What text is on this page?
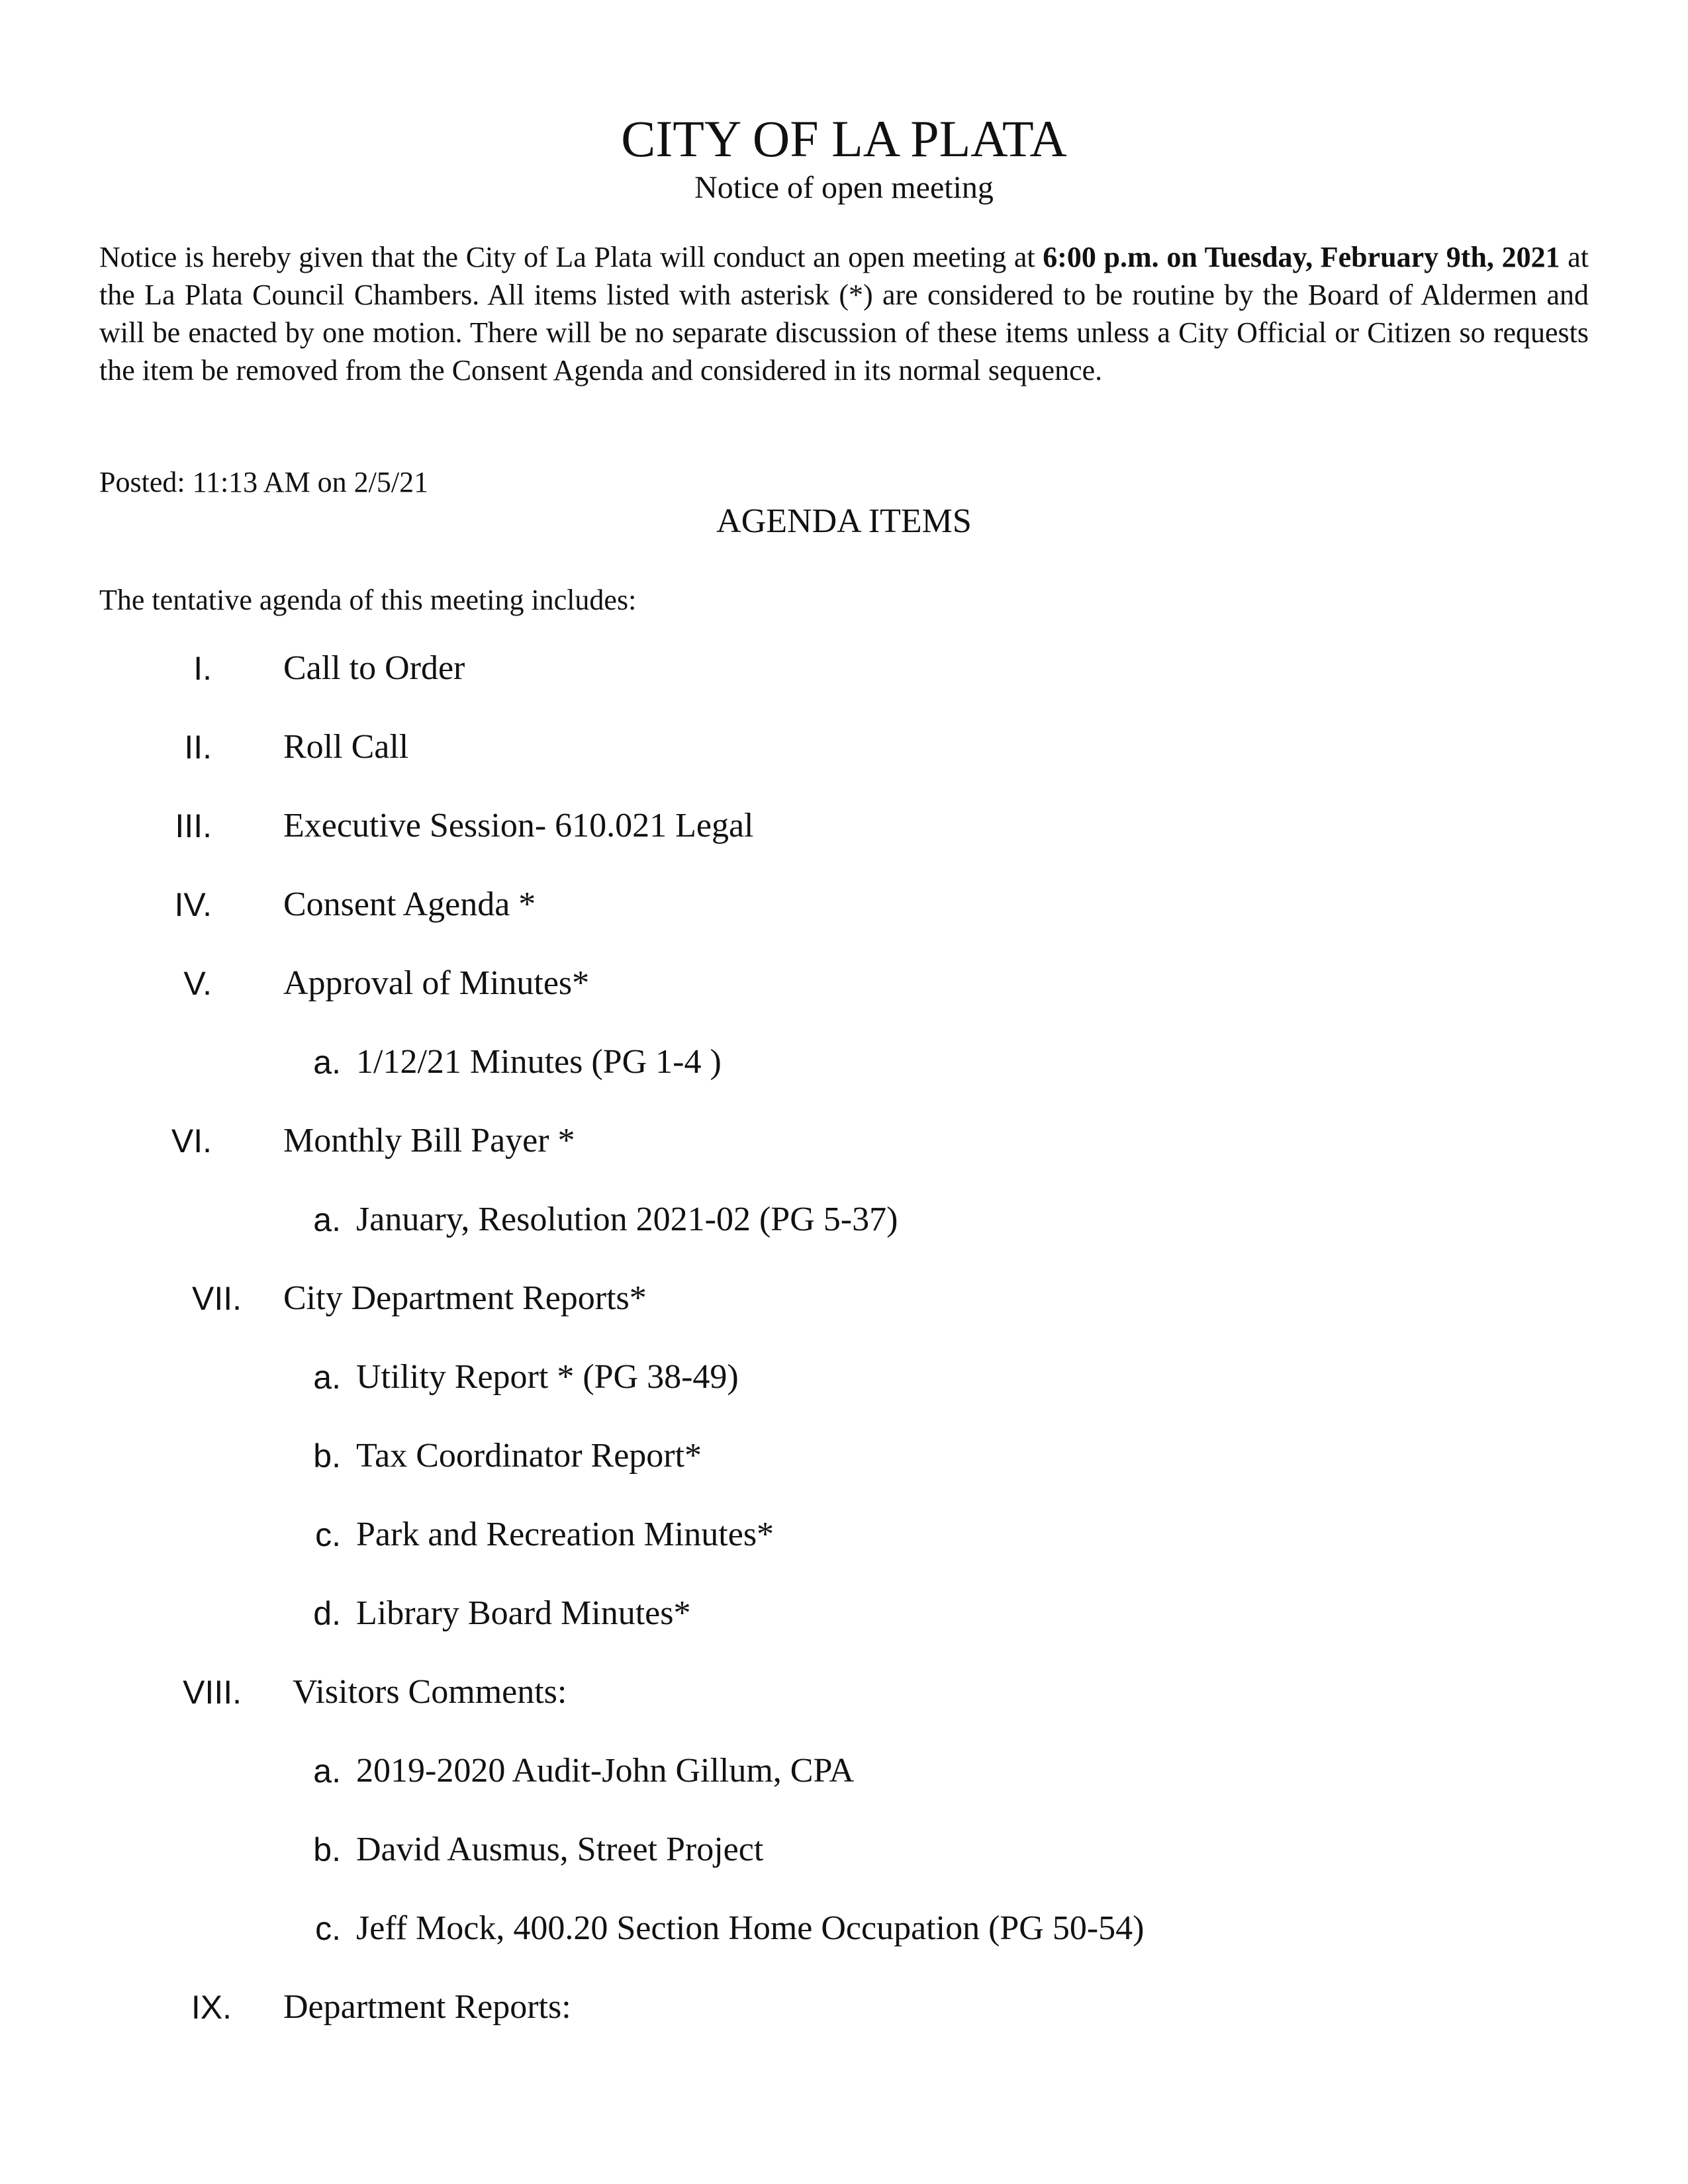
CITY OF LA PLATA
Notice of open meeting

Notice is hereby given that the City of La Plata will conduct an open meeting at 6:00 p.m. on Tuesday, February 9th, 2021 at the La Plata Council Chambers. All items listed with asterisk (*) are considered to be routine by the Board of Aldermen and will be enacted by one motion. There will be no separate discussion of these items unless a City Official or Citizen so requests the item be removed from the Consent Agenda and considered in its normal sequence.

Posted: 11:13 AM on 2/5/21
AGENDA ITEMS
The tentative agenda of this meeting includes:
I. Call to Order
II. Roll Call
III. Executive Session- 610.021 Legal
IV. Consent Agenda *
V. Approval of Minutes*
a. 1/12/21 Minutes (PG 1-4 )
VI. Monthly Bill Payer *
a. January, Resolution 2021-02 (PG 5-37)
VII. City Department Reports*
a. Utility Report * (PG 38-49)
b. Tax Coordinator Report*
c. Park and Recreation Minutes*
d. Library Board Minutes*
VIII. Visitors Comments:
a. 2019-2020 Audit-John Gillum, CPA
b. David Ausmus, Street Project
c. Jeff Mock, 400.20 Section Home Occupation (PG 50-54)
IX. Department Reports:
